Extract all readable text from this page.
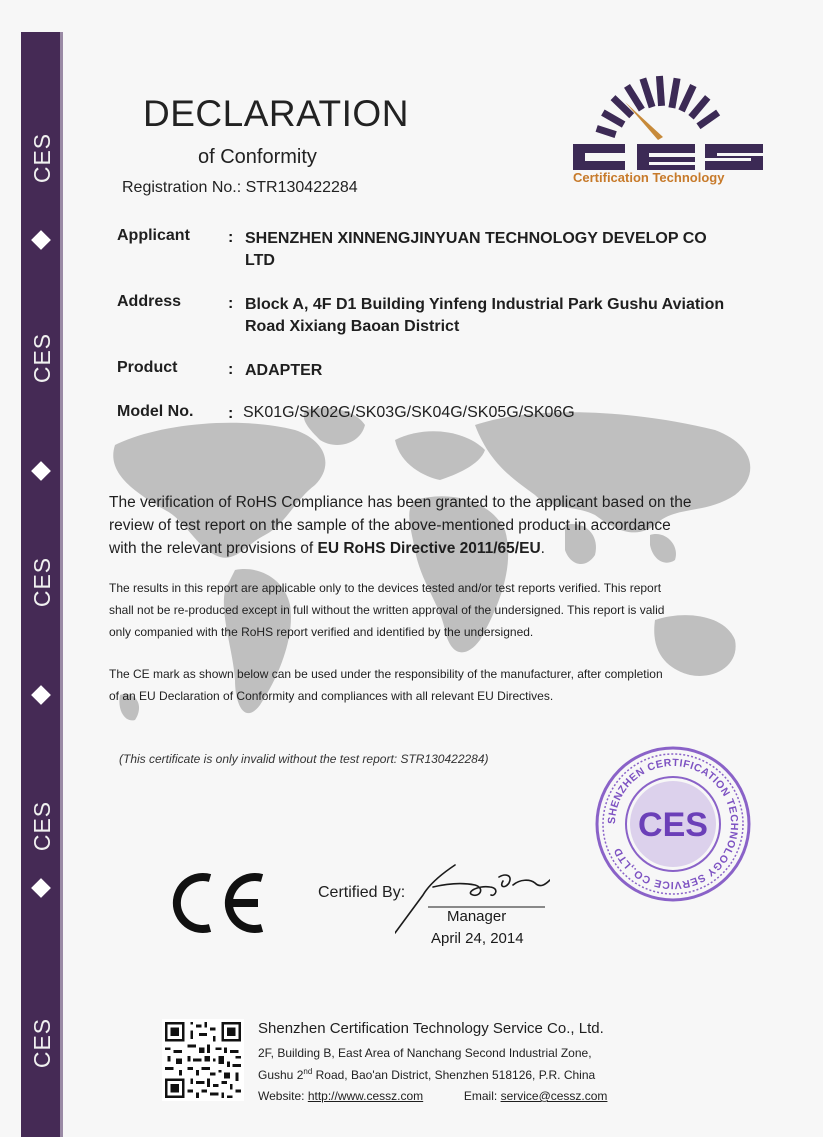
CES
CES
CES
CES
CES
Certification Technology
DECLARATION
of Conformity
Registration No.: STR130422284
Applicant : SHENZHEN XINNENGJINYUAN TECHNOLOGY DEVELOP CO
LTD
Address	: Block A, 4F D1 Building Yinfeng Industrial Park Gushu Aviation
Road Xixiang Baoan District
Product	: ADAPTER
Model No. : SK01G/SK02G/SK03G/SK04G/SK05G/SK06G
The verification of RoHS Compliance has been granted to the applicant based on the
review of test report on the sample of the above-mentioned product in accordance
with the relevant provisions of EU RoHS Directive 2011/65/EU.
The results in this report are applicable only to the devices tested and/or test reports verified. This report
shall not be re-produced except in full without the written approval of the undersigned. This report is valid
only companied with the RoHS report verified and identified by the undersigned.
The CE mark as shown below can be used under the responsibility of the manufacturer, after completion
of an EU Declaration of Conformity and compliances with all relevant EU Directives.
(This certificate is only invalid without the test report: STR130422284)
SHENZHEN CERTIFICATION TECHNOLOGY SERVICE CO.,LTD
CES
Certified By:
Manager
April 24, 2014
Shenzhen Certification Technology Service Co., Ltd.
2F, Building B, East Area of Nanchang Second Industrial Zone,
Gushu 2nd Road, Bao'an District, Shenzhen 518126, P.R. China
Website: http://www.cessz.com	Email: service@cessz.com
